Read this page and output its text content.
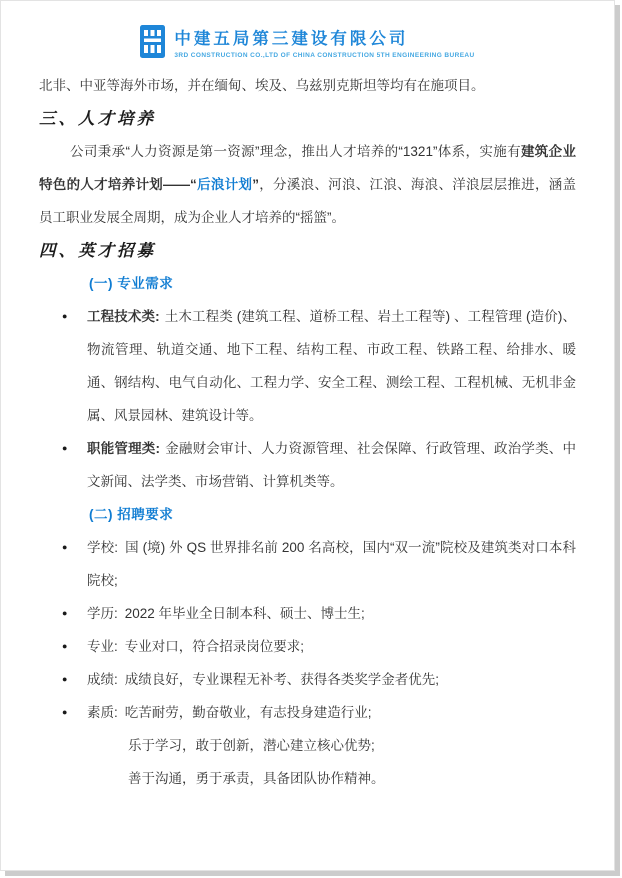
中建五局第三建设有限公司
3RD CONSTRUCTION CO.,LTD OF CHINA CONSTRUCTION 5TH ENGINEERING BUREAU
北非、中亚等海外市场，并在缅甸、埃及、乌兹别克斯坦等均有在施项目。
三、人才培养

公司秉承“人力资源是第一资源”理念，推出人才培养的“1321”体系，实施有建筑企业特色的人才培养计划——“后浪计划”，分溪浪、河浪、江浪、海浪、洋浪层层推进，涵盖员工职业发展全周期，成为企业人才培养的“摇篮”。

四、英才招募
(一) 专业需求
● 工程技术类: 土木工程类 (建筑工程、道桥工程、岩土工程等) 、工程管理 (造价)、物流管理、轨道交通、地下工程、结构工程、市政工程、铁路工程、给排水、暖通、钢结构、电气自动化、工程力学、安全工程、测绘工程、工程机械、无机非金属、风景园林、建筑设计等。
● 职能管理类: 金融财会审计、人力资源管理、社会保障、行政管理、政治学类、中文新闻、法学类、市场营销、计算机类等。
(二) 招聘要求
● 学校: 国 (境) 外 QS 世界排名前 200 名高校，国内“双一流”院校及建筑类对口本科院校;
● 学历: 2022 年毕业全日制本科、硕士、博士生;
● 专业: 专业对口，符合招录岗位要求;
● 成绩: 成绩良好，专业课程无补考、获得各类奖学金者优先;
● 素质: 吃苦耐劳，勤奋敬业，有志投身建造行业;
乐于学习，敢于创新，潜心建立核心优势;
善于沟通，勇于承责，具备团队协作精神。
